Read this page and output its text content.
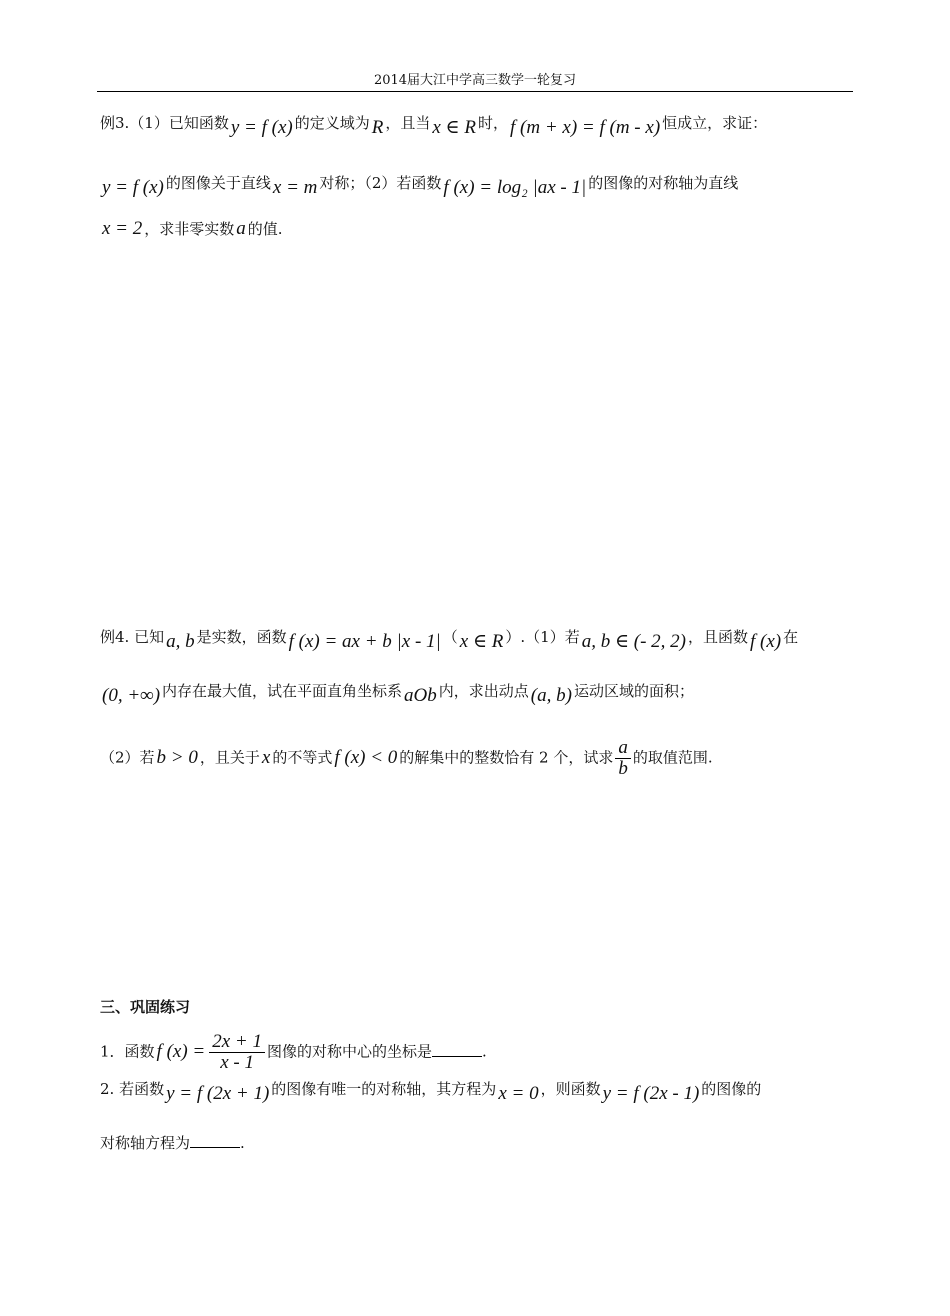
2014届大江中学高三数学一轮复习
例3.（1）已知函数 y = f (x) 的定义域为 R ，且当 x ∈ R 时， f (m + x) = f (m - x) 恒成立，求证：
y = f (x) 的图像关于直线 x = m 对称；（2）若函数 f (x) = log₂ |ax - 1| 的图像的对称轴为直线
x = 2 ，求非零实数 a 的值.
例4. 已知 a, b 是实数，函数 f (x) = ax + b |x - 1| （ x ∈ R ）.（1）若 a, b ∈ (- 2, 2) ，且函数 f (x) 在
(0, +∞) 内存在最大值，试在平面直角坐标系 aOb 内，求出动点 (a, b) 运动区域的面积；
（2）若 b > 0 ，且关于 x 的不等式 f (x) < 0 的解集中的整数恰有 2 个，试求 $\frac{a}{b}$ 的取值范围.
三、巩固练习
1．函数 f $(x) = \frac{2x + 1}{x - 1}$ 图像的对称中心的坐标是	.
2. 若函数 y = f (2x + 1) 的图像有唯一的对称轴，其方程为 x = 0 ，则函数 y = f (2x - 1) 的图像的
对称轴方程为	.
